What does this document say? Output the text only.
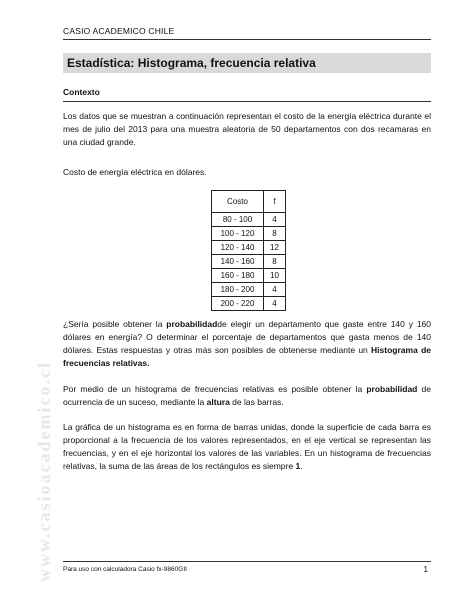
CASIO ACADEMICO CHILE
Estadística: Histograma, frecuencia relativa
Contexto
Los datos que se muestran a continuación representan el costo de la energía eléctrica durante el mes de julio del 2013 para una muestra aleatoria de 50 departamentos con dos recamaras en una ciudad grande.
Costo de energía eléctrica en dólares.
Costo	f
80 - 100	4
100 - 120	8
120 - 140	12
140 - 160	8
160 - 180	10
180 - 200	4
200 - 220	4
¿Sería posible obtener la probabilidadde elegir un departamento que gaste entre 140 y 160 dólares en energía? O determinar el porcentaje de departamentos que gasta menos de 140 dólares. Estas respuestas y otras más son posibles de obtenerse mediante un Histograma de frecuencias relativas.
Por medio de un histograma de frecuencias relativas es posible obtener la probabilidad de ocurrencia de un suceso, mediante la altura de las barras.
La gráfica de un histograma es en forma de barras unidas, donde la superficie de cada barra es proporcional a la frecuencia de los valores representados, en el eje vertical se representan las frecuencias, y en el eje horizontal los valores de las variables. En un histograma de frecuencias relativas, la suma de las áreas de los rectángulos es siempre 1.
www.casioacademico.cl Para uso con calculadora Casio fx-9860GII	1
